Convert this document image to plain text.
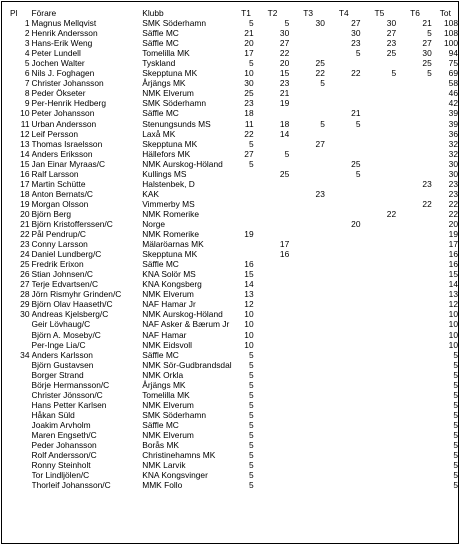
Pl	Förare	Klubb	T1	T2	T3	T4	T5	T6	Tot
1	Magnus Mellqvist	SMK Söderhamn	5	5	30	27	30	21	108
2	Henrik Andersson	Säffle MC	21	30		30	27	5	108
3	Hans-Erik Weng	Säffle MC	20	27		23	23	27	100
4	Peter Lundell	Tomelilla MK	17	22		5	25	30	94
5	Jochen Walter	Tyskland	5	20	25			25	75
6	Nils J. Foghagen	Skepptuna MK	10	15	22	22	5	5	69
7	Christer Johansson	Årjängs MK	30	23	5				58
8	Peder Ökseter	NMK Elverum	25	21					46
9	Per-Henrik Hedberg	SMK Söderhamn	23	19					42
10	Peter Johansson	Säffle MC	18			21			39
11	Urban Andersson	Stenungsunds MS	11	18	5	5			39
12	Leif Persson	Laxå MK	22	14					36
13	Thomas Israelsson	Skepptuna MK	5		27				32
14	Anders Eriksson	Hällefors MK	27	5					32
15	Jan Einar Myraas/C	NMK Aurskog-Höland	5			25			30
16	Ralf Larsson	Kullings MS		25		5			30
17	Martin Schütte	Halstenbek, D						23	23
18	Anton Bernats/C	KAK			23				23
19	Morgan Olsson	Vimmerby MS						22	22
20	Björn Berg	NMK Romerike					22		22
21	Björn Kristofferssen/C	Norge				20			20
22	Pål Pendrup/C	NMK Romerike	19						19
23	Conny Larsson	Mälaröarnas MK		17					17
24	Daniel Lundberg/C	Skepptuna MK		16					16
25	Fredrik Erixon	Säffle MC	16						16
26	Stian Johnsen/C	KNA Solör MS	15						15
27	Terje Edvartsen/C	KNA Kongsberg	14						14
28	Jörn Rismyhr Grinden/C	NMK Elverum	13						13
29	Björn Olav Haaseth/C	NAF Hamar Jr	12						12
30	Andreas Kjelsberg/C	NMK Aurskog-Höland	10						10
	Geir Lövhaug/C	NAF Asker & Bærum Jr	10						10
	Björn A. Moseby/C	NAF Hamar	10						10
	Per-Inge Lia/C	NMK Eidsvoll	10						10
34	Anders Karlsson	Säffle MC	5						5
	Björn Gustavsen	NMK Sör-Gudbrandsdal	5						5
	Borger Strand	NMK Orkla	5						5
	Börje Hermansson/C	Årjängs MK	5						5
	Christer Jönsson/C	Tomelilla MK	5						5
	Hans Petter Karlsen	NMK Elverum	5						5
	Håkan Süld	SMK Söderhamn	5						5
	Joakim Arvholm	Säffle MC	5						5
	Maren Engseth/C	NMK Elverum	5						5
	Peder Johansson	Borås MK	5						5
	Rolf Andersson/C	Christinehamns MK	5						5
	Ronny Steinholt	NMK Larvik	5						5
	Tor Lindljölen/C	KNA Kongsvinger	5						5
	Thorleif Johansson/C	MMK Follo	5						5
